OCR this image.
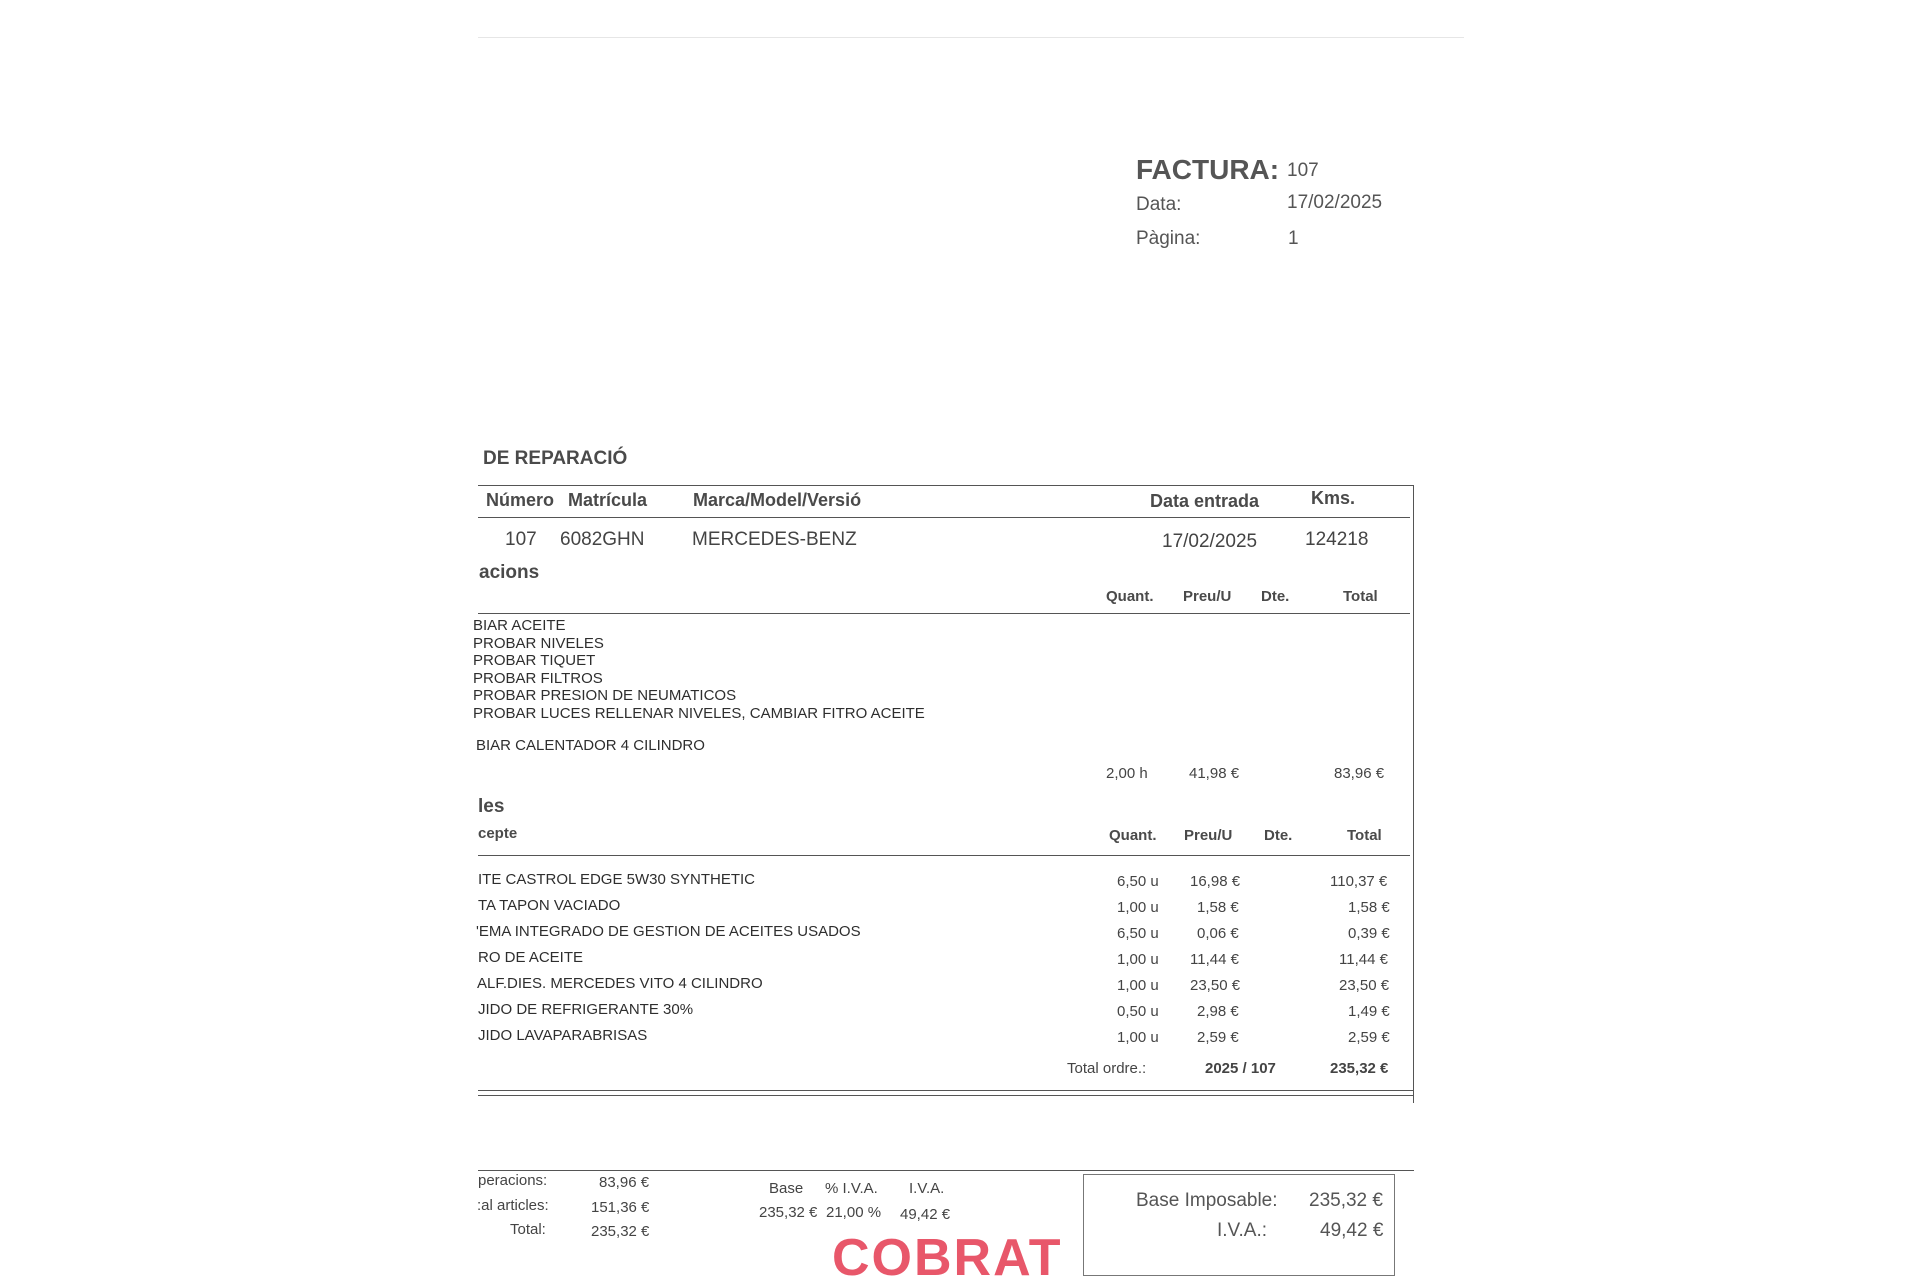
FACTURA: 107
Data:	17/02/2025
Pàgina:	1
DE REPARACIÓ
Número Matrícula	Marca/Model/Versió	Data entrada	Kms.
107 6082GHN	MERCEDES-BENZ	17/02/2025	124218
acions
Quant. Preu/U Dte.	Total
BIAR ACEITE
PROBAR NIVELES
PROBAR TIQUET
PROBAR FILTROS
PROBAR PRESION DE NEUMATICOS
PROBAR LUCES RELLENAR NIVELES, CAMBIAR FITRO ACEITE
BIAR CALENTADOR 4 CILINDRO
2,00 h	41,98 €	83,96 €
les
cepte	Quant. Preu/U Dte.	Total
ITE CASTROL EDGE 5W30 SYNTHETIC	6,50 u 16,98 €	110,37 €
TA TAPON VACIADO	1,00 u	1,58 €	1,58 €
'EMA INTEGRADO DE GESTION DE ACEITES USADOS	6,50 u	0,06 €	0,39 €
RO DE ACEITE	1,00 u 11,44 €	11,44 €
ALF.DIES. MERCEDES VITO 4 CILINDRO	1,00 u 23,50 €	23,50 €
JIDO DE REFRIGERANTE 30%	0,50 u	2,98 €	1,49 €
JIDO LAVAPARABRISAS	1,00 u	2,59 €	2,59 €
Total ordre.:	2025 / 107	235,32 €
peracions:	83,96 €
:al articles:	151,36 €
Total:	235,32 €
Base % I.V.A. I.V.A.
235,32 € 21,00 % 49,42 €
Base Imposable: 235,32 €
I.V.A.:	49,42 €
COBRAT
